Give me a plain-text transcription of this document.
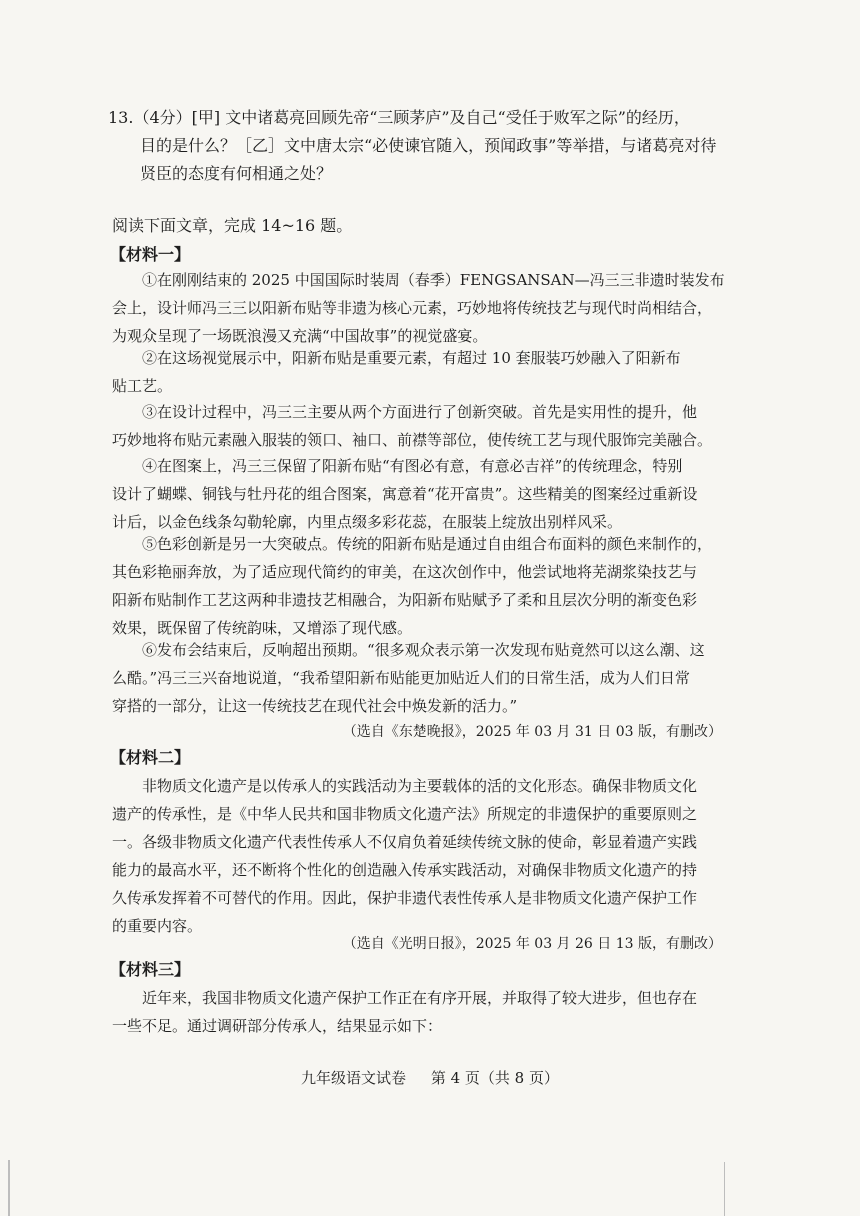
13.（4分）[甲] 文中诸葛亮回顾先帝“三顾茅庐”及自己“受任于败军之际”的经历，
目的是什么？［乙］文中唐太宗“必使谏官随入，预闻政事”等举措，与诸葛亮对待
贤臣的态度有何相通之处？
阅读下面文章，完成 14~16 题。
【材料一】
①在刚刚结束的 2025 中国国际时装周（春季）FENGSANSAN—冯三三非遗时装发布
会上，设计师冯三三以阳新布贴等非遗为核心元素，巧妙地将传统技艺与现代时尚相结合，
为观众呈现了一场既浪漫又充满“中国故事”的视觉盛宴。
②在这场视觉展示中，阳新布贴是重要元素，有超过 10 套服装巧妙融入了阳新布
贴工艺。
③在设计过程中，冯三三主要从两个方面进行了创新突破。首先是实用性的提升，他
巧妙地将布贴元素融入服装的领口、袖口、前襟等部位，使传统工艺与现代服饰完美融合。
④在图案上，冯三三保留了阳新布贴“有图必有意，有意必吉祥”的传统理念，特别
设计了蝴蝶、铜钱与牡丹花的组合图案，寓意着“花开富贵”。这些精美的图案经过重新设
计后，以金色线条勾勒轮廓，内里点缀多彩花蕊，在服装上绽放出别样风采。
⑤色彩创新是另一大突破点。传统的阳新布贴是通过自由组合布面料的颜色来制作的，
其色彩艳丽奔放，为了适应现代简约的审美，在这次创作中，他尝试地将芜湖浆染技艺与
阳新布贴制作工艺这两种非遗技艺相融合，为阳新布贴赋予了柔和且层次分明的渐变色彩
效果，既保留了传统韵味，又增添了现代感。
⑥发布会结束后，反响超出预期。“很多观众表示第一次发现布贴竟然可以这么潮、这
么酷。”冯三三兴奋地说道，“我希望阳新布贴能更加贴近人们的日常生活，成为人们日常
穿搭的一部分，让这一传统技艺在现代社会中焕发新的活力。”
（选自《东楚晚报》，2025 年 03 月 31 日 03 版，有删改）
【材料二】
非物质文化遗产是以传承人的实践活动为主要载体的活的文化形态。确保非物质文化
遗产的传承性，是《中华人民共和国非物质文化遗产法》所规定的非遗保护的重要原则之
一。各级非物质文化遗产代表性传承人不仅肩负着延续传统文脉的使命，彰显着遗产实践
能力的最高水平，还不断将个性化的创造融入传承实践活动，对确保非物质文化遗产的持
久传承发挥着不可替代的作用。因此，保护非遗代表性传承人是非物质文化遗产保护工作
的重要内容。
（选自《光明日报》，2025 年 03 月 26 日 13 版，有删改）
【材料三】
近年来，我国非物质文化遗产保护工作正在有序开展，并取得了较大进步，但也存在
一些不足。通过调研部分传承人，结果显示如下：
九年级语文试卷 第 4 页（共 8 页）
